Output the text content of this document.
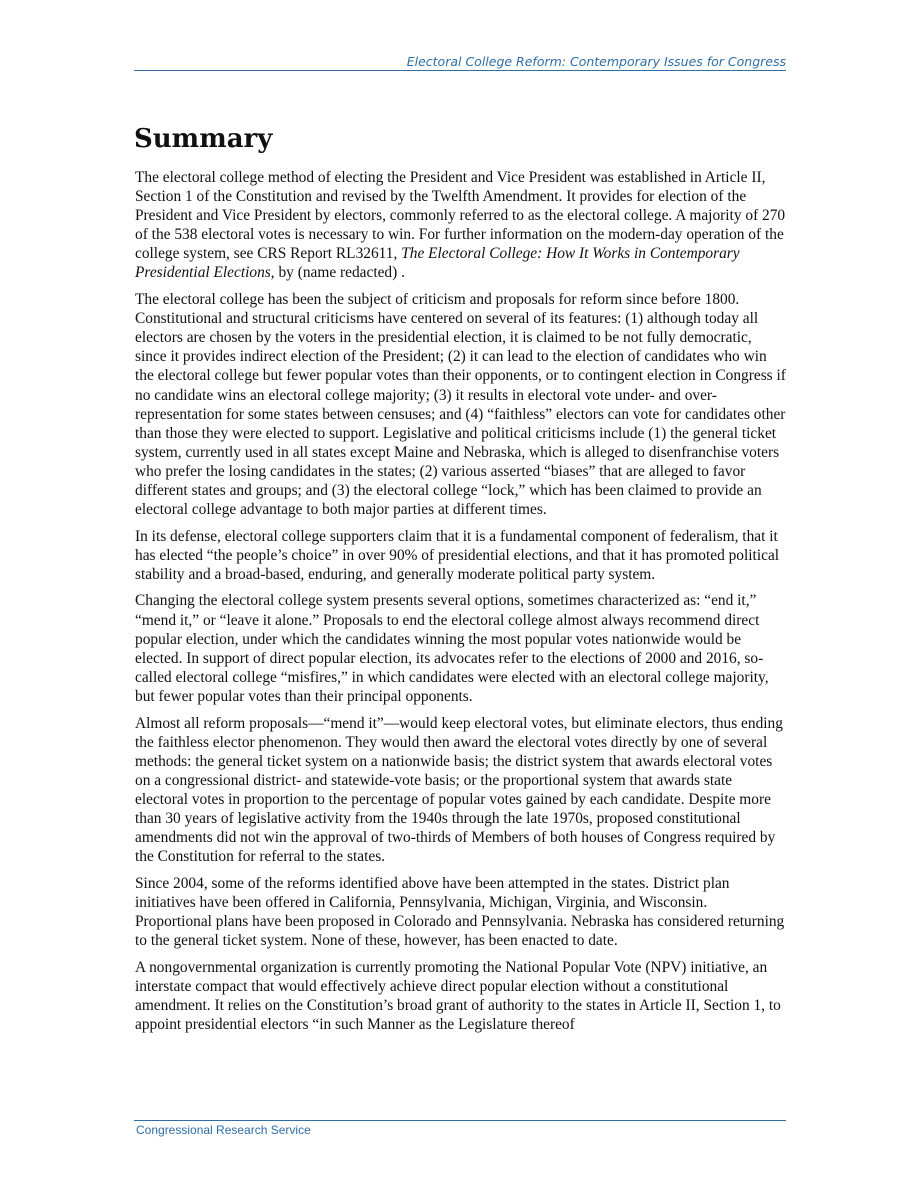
Electoral College Reform: Contemporary Issues for Congress
Summary

The electoral college method of electing the President and Vice President was established in Article II, Section 1 of the Constitution and revised by the Twelfth Amendment. It provides for election of the President and Vice President by electors, commonly referred to as the electoral college. A majority of 270 of the 538 electoral votes is necessary to win. For further information on the modern-day operation of the college system, see CRS Report RL32611, The Electoral College: How It Works in Contemporary Presidential Elections, by (name redacted) .

The electoral college has been the subject of criticism and proposals for reform since before 1800. Constitutional and structural criticisms have centered on several of its features: (1) although today all electors are chosen by the voters in the presidential election, it is claimed to be not fully democratic, since it provides indirect election of the President; (2) it can lead to the election of candidates who win the electoral college but fewer popular votes than their opponents, or to contingent election in Congress if no candidate wins an electoral college majority; (3) it results in electoral vote under- and over-representation for some states between censuses; and (4) “faithless” electors can vote for candidates other than those they were elected to support. Legislative and political criticisms include (1) the general ticket system, currently used in all states except Maine and Nebraska, which is alleged to disenfranchise voters who prefer the losing candidates in the states; (2) various asserted “biases” that are alleged to favor different states and groups; and (3) the electoral college “lock,” which has been claimed to provide an electoral college advantage to both major parties at different times.

In its defense, electoral college supporters claim that it is a fundamental component of federalism, that it has elected “the people’s choice” in over 90% of presidential elections, and that it has promoted political stability and a broad-based, enduring, and generally moderate political party system.

Changing the electoral college system presents several options, sometimes characterized as: “end it,” “mend it,” or “leave it alone.” Proposals to end the electoral college almost always recommend direct popular election, under which the candidates winning the most popular votes nationwide would be elected. In support of direct popular election, its advocates refer to the elections of 2000 and 2016, so-called electoral college “misfires,” in which candidates were elected with an electoral college majority, but fewer popular votes than their principal opponents.

Almost all reform proposals—“mend it”—would keep electoral votes, but eliminate electors, thus ending the faithless elector phenomenon. They would then award the electoral votes directly by one of several methods: the general ticket system on a nationwide basis; the district system that awards electoral votes on a congressional district- and statewide-vote basis; or the proportional system that awards state electoral votes in proportion to the percentage of popular votes gained by each candidate. Despite more than 30 years of legislative activity from the 1940s through the late 1970s, proposed constitutional amendments did not win the approval of two-thirds of Members of both houses of Congress required by the Constitution for referral to the states.

Since 2004, some of the reforms identified above have been attempted in the states. District plan initiatives have been offered in California, Pennsylvania, Michigan, Virginia, and Wisconsin. Proportional plans have been proposed in Colorado and Pennsylvania. Nebraska has considered returning to the general ticket system. None of these, however, has been enacted to date.

A nongovernmental organization is currently promoting the National Popular Vote (NPV) initiative, an interstate compact that would effectively achieve direct popular election without a constitutional amendment. It relies on the Constitution’s broad grant of authority to the states in Article II, Section 1, to appoint presidential electors “in such Manner as the Legislature thereof

Congressional Research Service
